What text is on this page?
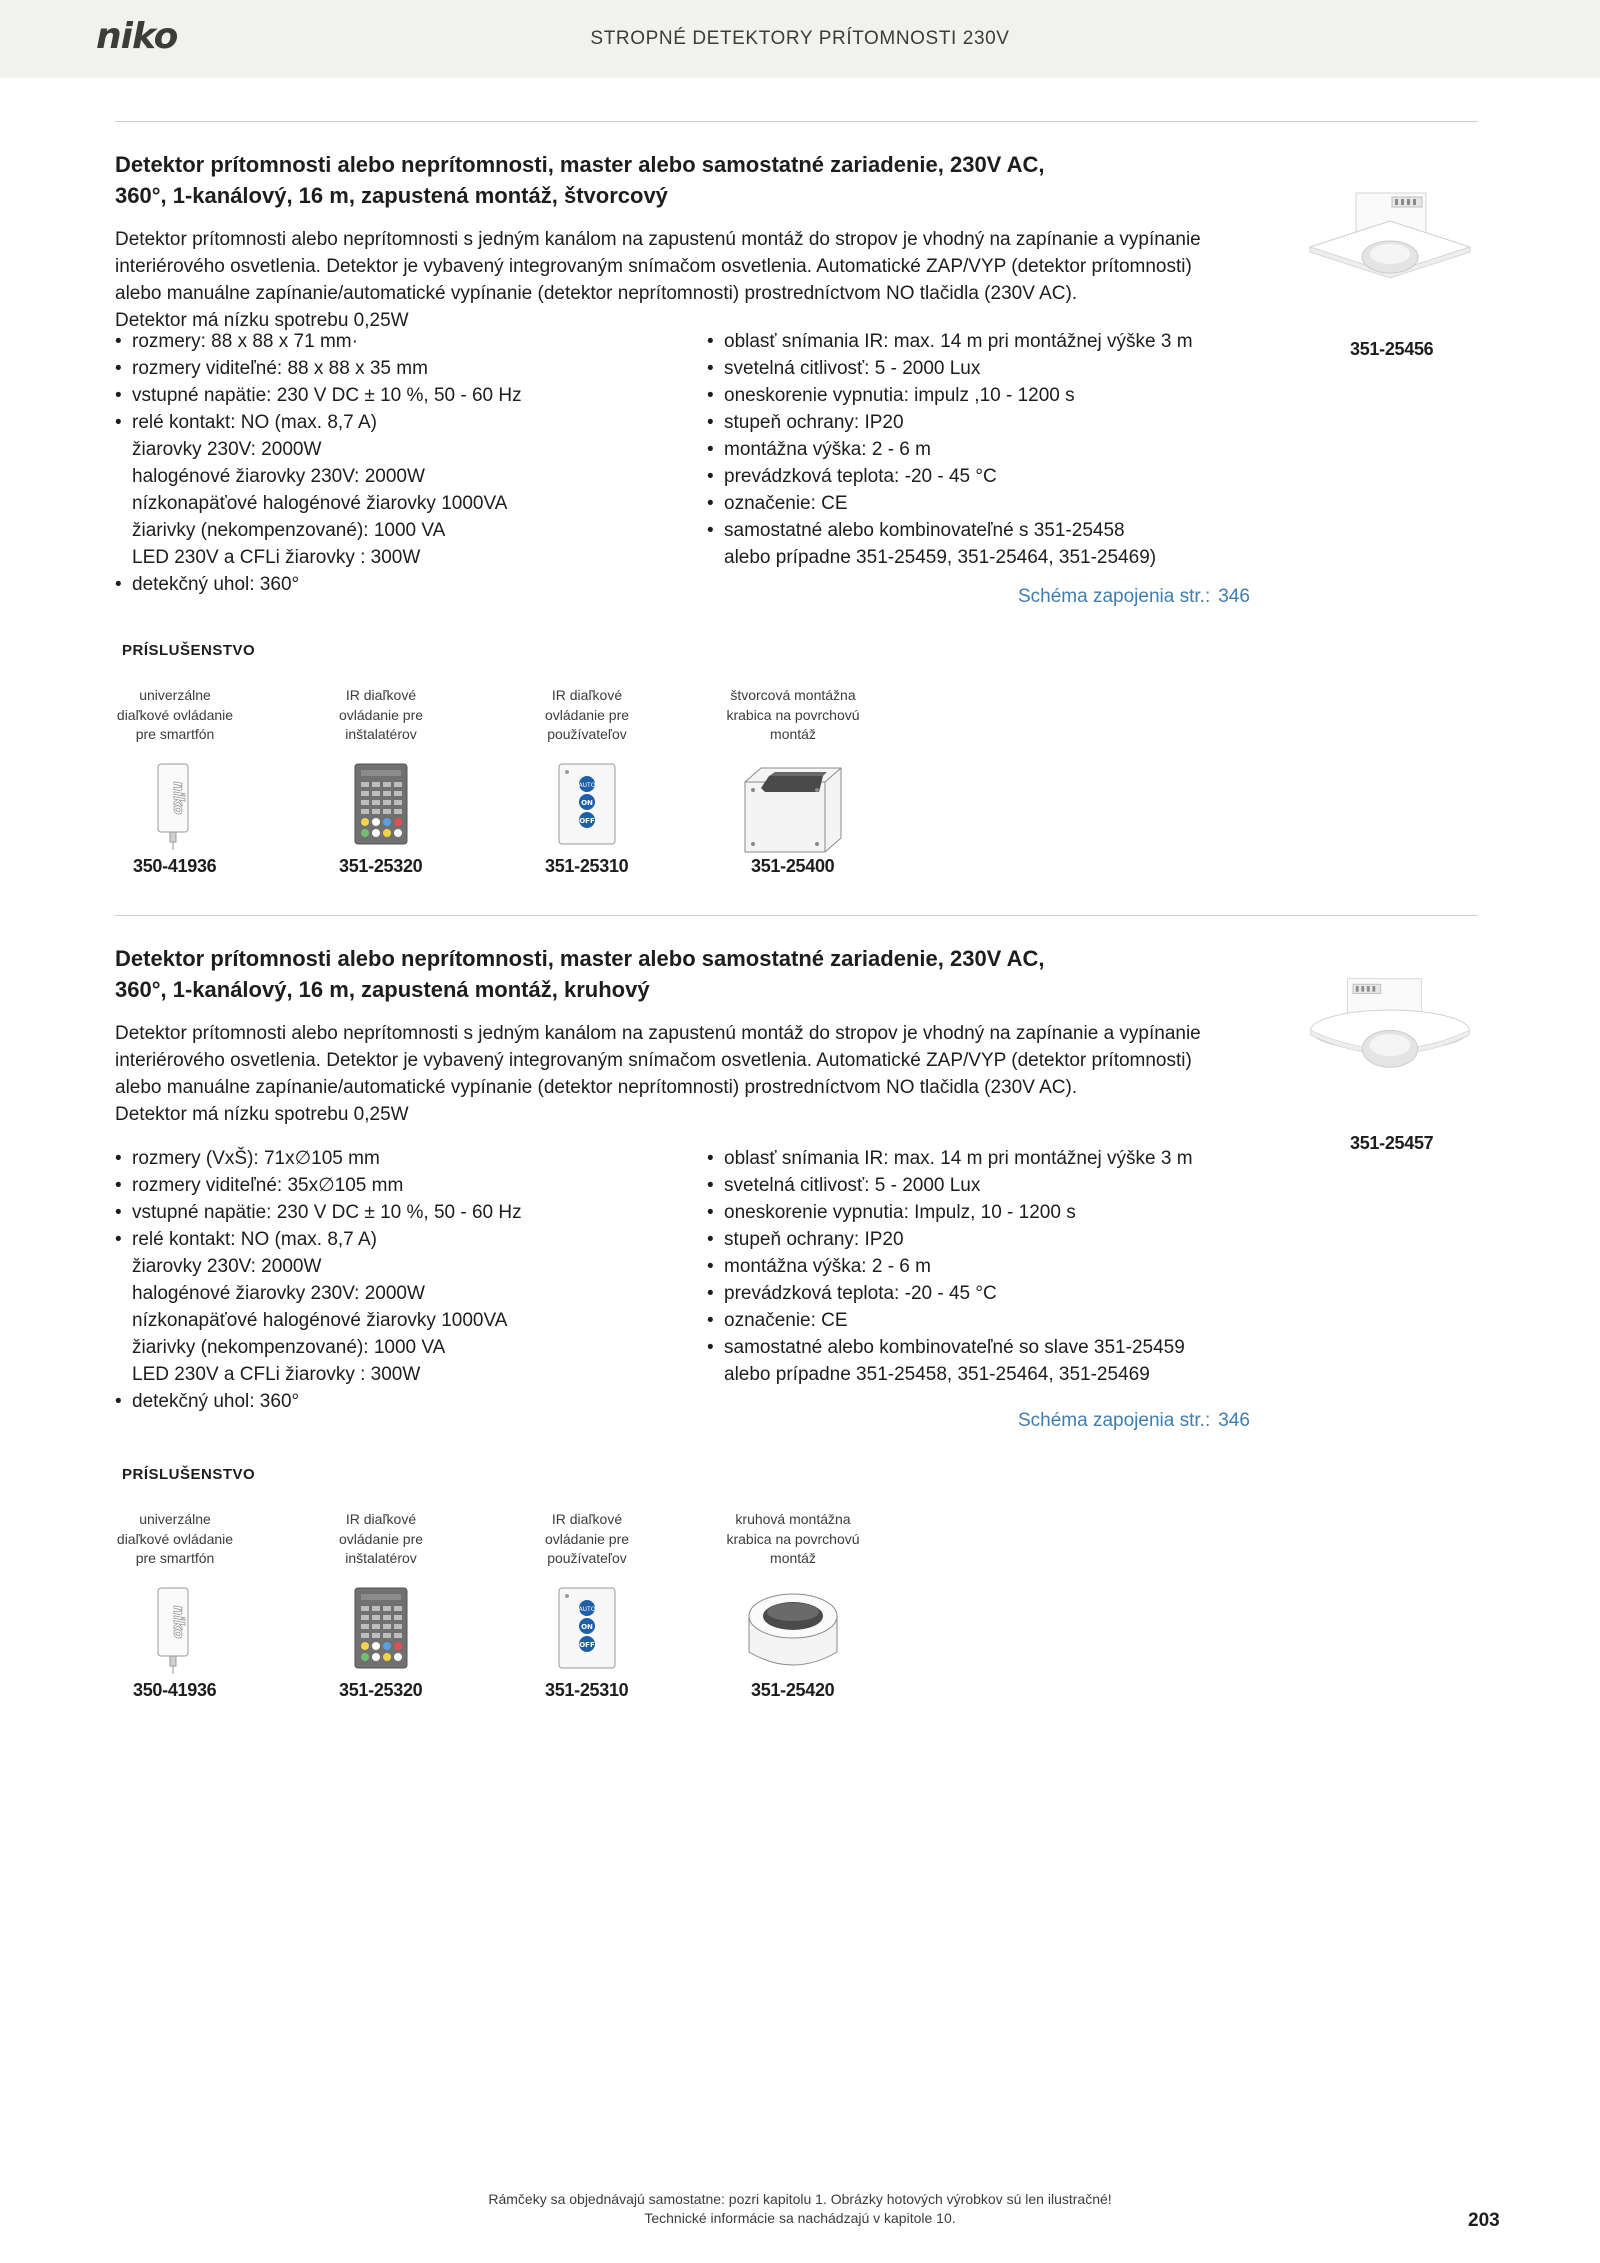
niko	STROPNÉ DETEKTORY PRÍTOMNOSTI 230V
Detektor prítomnosti alebo neprítomnosti, master alebo samostatné zariadenie, 230V AC,
360°, 1-kanálový, 16 m, zapustená montáž, štvorcový

Detektor prítomnosti alebo neprítomnosti s jedným kanálom na zapustenú montáž do stropov je vhodný na zapínanie a vypínanie
interiérového osvetlenia. Detektor je vybavený integrovaným snímačom osvetlenia. Automatické ZAP/VYP (detektor prítomnosti)
alebo manuálne zapínanie/automatické vypínanie (detektor neprítomnosti) prostredníctvom NO tlačidla (230V AC).
Detektor má nízku spotrebu 0,25W

• rozmery: 88 x 88 x 71 mm·
• rozmery viditeľné: 88 x 88 x 35 mm
• vstupné napätie: 230 V DC ± 10 %, 50 - 60 Hz
• relé kontakt: NO (max. 8,7 A)
žiarovky 230V: 2000W
halogénové žiarovky 230V: 2000W
nízkonapäťové halogénové žiarovky 1000VA
žiarivky (nekompenzované): 1000 VA
LED 230V a CFLi žiarovky : 300W
• detekčný uhol: 360°
• oblasť snímania IR: max. 14 m pri montážnej výške 3 m
• svetelná citlivosť: 5 - 2000 Lux
• oneskorenie vypnutia: impulz ,10 - 1200 s
• stupeň ochrany: IP20
• montážna výška: 2 - 6 m
• prevádzková teplota: -20 - 45 °C
• označenie: CE
• samostatné alebo kombinovateľné s 351-25458
alebo prípadne 351-25459, 351-25464, 351-25469)
Schéma zapojenia str.: 346
351-25456
PRÍSLUŠENSTVO
univerzálne
diaľkové ovládanie
pre smartfón
niko
350-41936
IR diaľkové
ovládanie pre
inštalatérov
351-25320
IR diaľkové
ovládanie pre
používateľov
AUTO
ON
OFF
351-25310
štvorcová montážna
krabica na povrchovú
montáž
351-25400
Detektor prítomnosti alebo neprítomnosti, master alebo samostatné zariadenie, 230V AC,
360°, 1-kanálový, 16 m, zapustená montáž, kruhový

Detektor prítomnosti alebo neprítomnosti s jedným kanálom na zapustenú montáž do stropov je vhodný na zapínanie a vypínanie
interiérového osvetlenia. Detektor je vybavený integrovaným snímačom osvetlenia. Automatické ZAP/VYP (detektor prítomnosti)
alebo manuálne zapínanie/automatické vypínanie (detektor neprítomnosti) prostredníctvom NO tlačidla (230V AC).
Detektor má nízku spotrebu 0,25W

• rozmery (VxŠ): 71x∅105 mm
• rozmery viditeľné: 35x∅105 mm
• vstupné napätie: 230 V DC ± 10 %, 50 - 60 Hz
• relé kontakt: NO (max. 8,7 A)
žiarovky 230V: 2000W
halogénové žiarovky 230V: 2000W
nízkonapäťové halogénové žiarovky 1000VA
žiarivky (nekompenzované): 1000 VA
LED 230V a CFLi žiarovky : 300W
• detekčný uhol: 360°
• oblasť snímania IR: max. 14 m pri montážnej výške 3 m
• svetelná citlivosť: 5 - 2000 Lux
• oneskorenie vypnutia: Impulz, 10 - 1200 s
• stupeň ochrany: IP20
• montážna výška: 2 - 6 m
• prevádzková teplota: -20 - 45 °C
• označenie: CE
• samostatné alebo kombinovateľné so slave 351-25459
alebo prípadne 351-25458, 351-25464, 351-25469
Schéma zapojenia str.: 346
351-25457
PRÍSLUŠENSTVO
univerzálne
diaľkové ovládanie
pre smartfón
niko
350-41936
IR diaľkové
ovládanie pre
inštalatérov
351-25320
IR diaľkové
ovládanie pre
používateľov
AUTO
ON
OFF
351-25310
kruhová montážna
krabica na povrchovú
montáž
351-25420
Rámčeky sa objednávajú samostatne: pozri kapitolu 1. Obrázky hotových výrobkov sú len ilustračné!
Technické informácie sa nachádzajú v kapitole 10.	203
